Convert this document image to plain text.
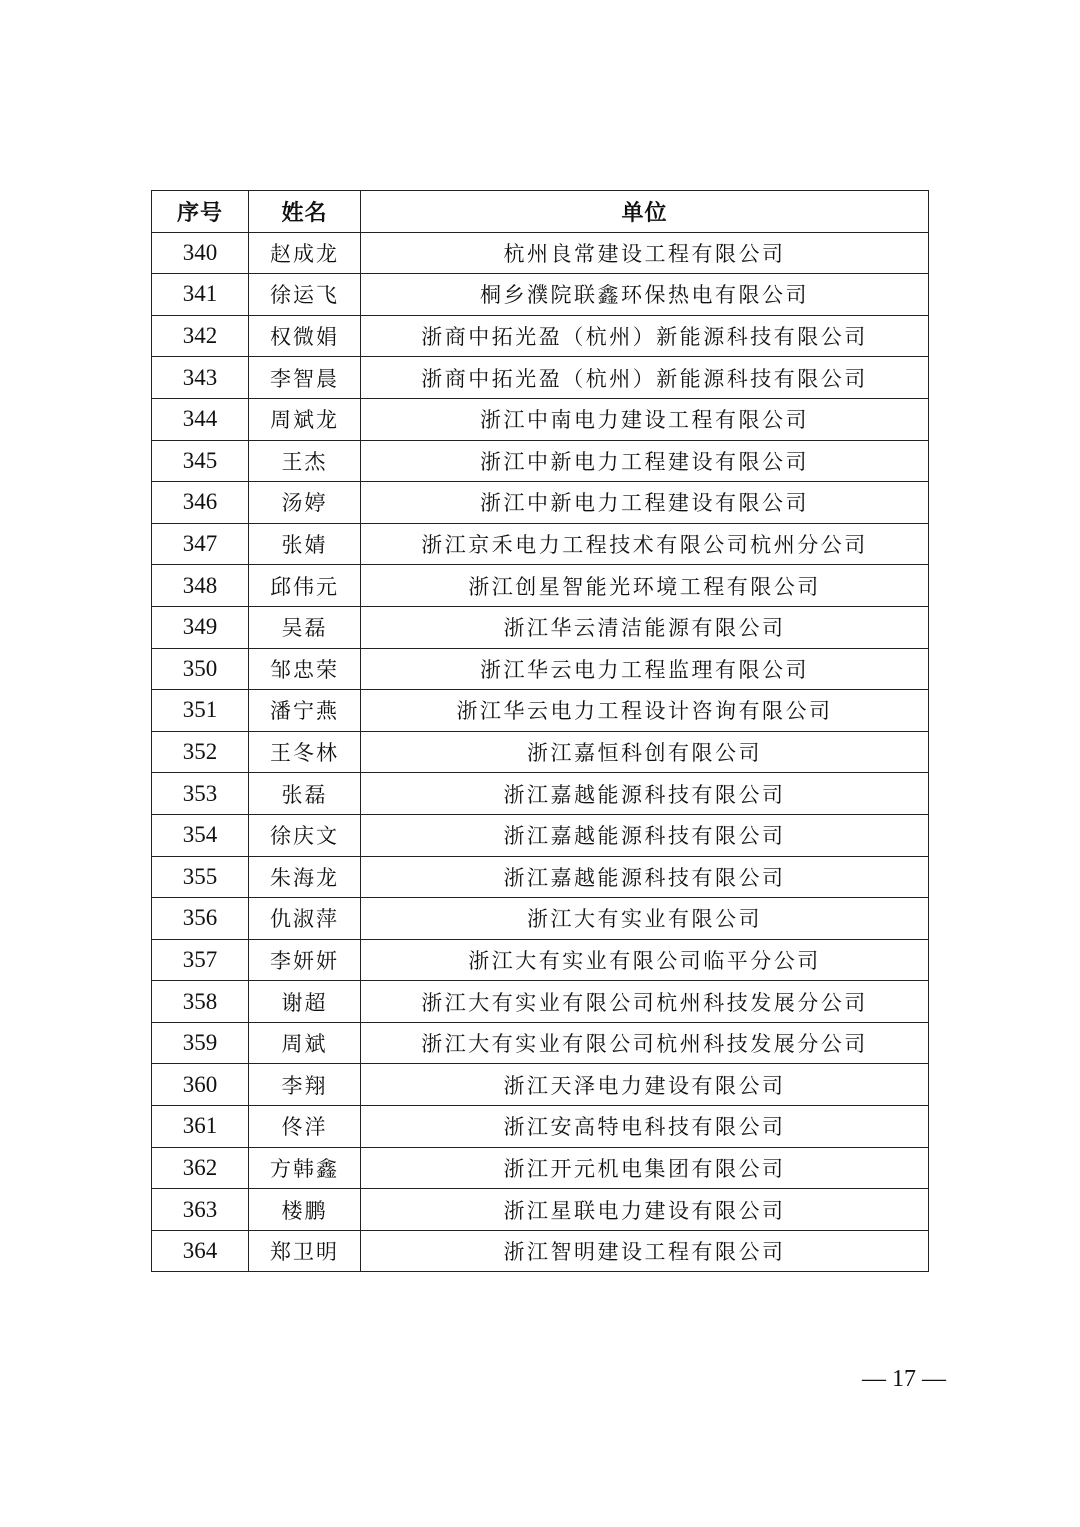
序号	姓名	单位
340	赵成龙	杭州良常建设工程有限公司
341	徐运飞	桐乡濮院联鑫环保热电有限公司
342	权微娟	浙商中拓光盈（杭州）新能源科技有限公司
343	李智晨	浙商中拓光盈（杭州）新能源科技有限公司
344	周斌龙	浙江中南电力建设工程有限公司
345	王杰	浙江中新电力工程建设有限公司
346	汤婷	浙江中新电力工程建设有限公司
347	张婧	浙江京禾电力工程技术有限公司杭州分公司
348	邱伟元	浙江创星智能光环境工程有限公司
349	吴磊	浙江华云清洁能源有限公司
350	邹忠荣	浙江华云电力工程监理有限公司
351	潘宁燕	浙江华云电力工程设计咨询有限公司
352	王冬林	浙江嘉恒科创有限公司
353	张磊	浙江嘉越能源科技有限公司
354	徐庆文	浙江嘉越能源科技有限公司
355	朱海龙	浙江嘉越能源科技有限公司
356	仇淑萍	浙江大有实业有限公司
357	李妍妍	浙江大有实业有限公司临平分公司
358	谢超	浙江大有实业有限公司杭州科技发展分公司
359	周斌	浙江大有实业有限公司杭州科技发展分公司
360	李翔	浙江天泽电力建设有限公司
361	佟洋	浙江安高特电科技有限公司
362	方韩鑫	浙江开元机电集团有限公司
363	楼鹏	浙江星联电力建设有限公司
364	郑卫明	浙江智明建设工程有限公司
— 17 —
